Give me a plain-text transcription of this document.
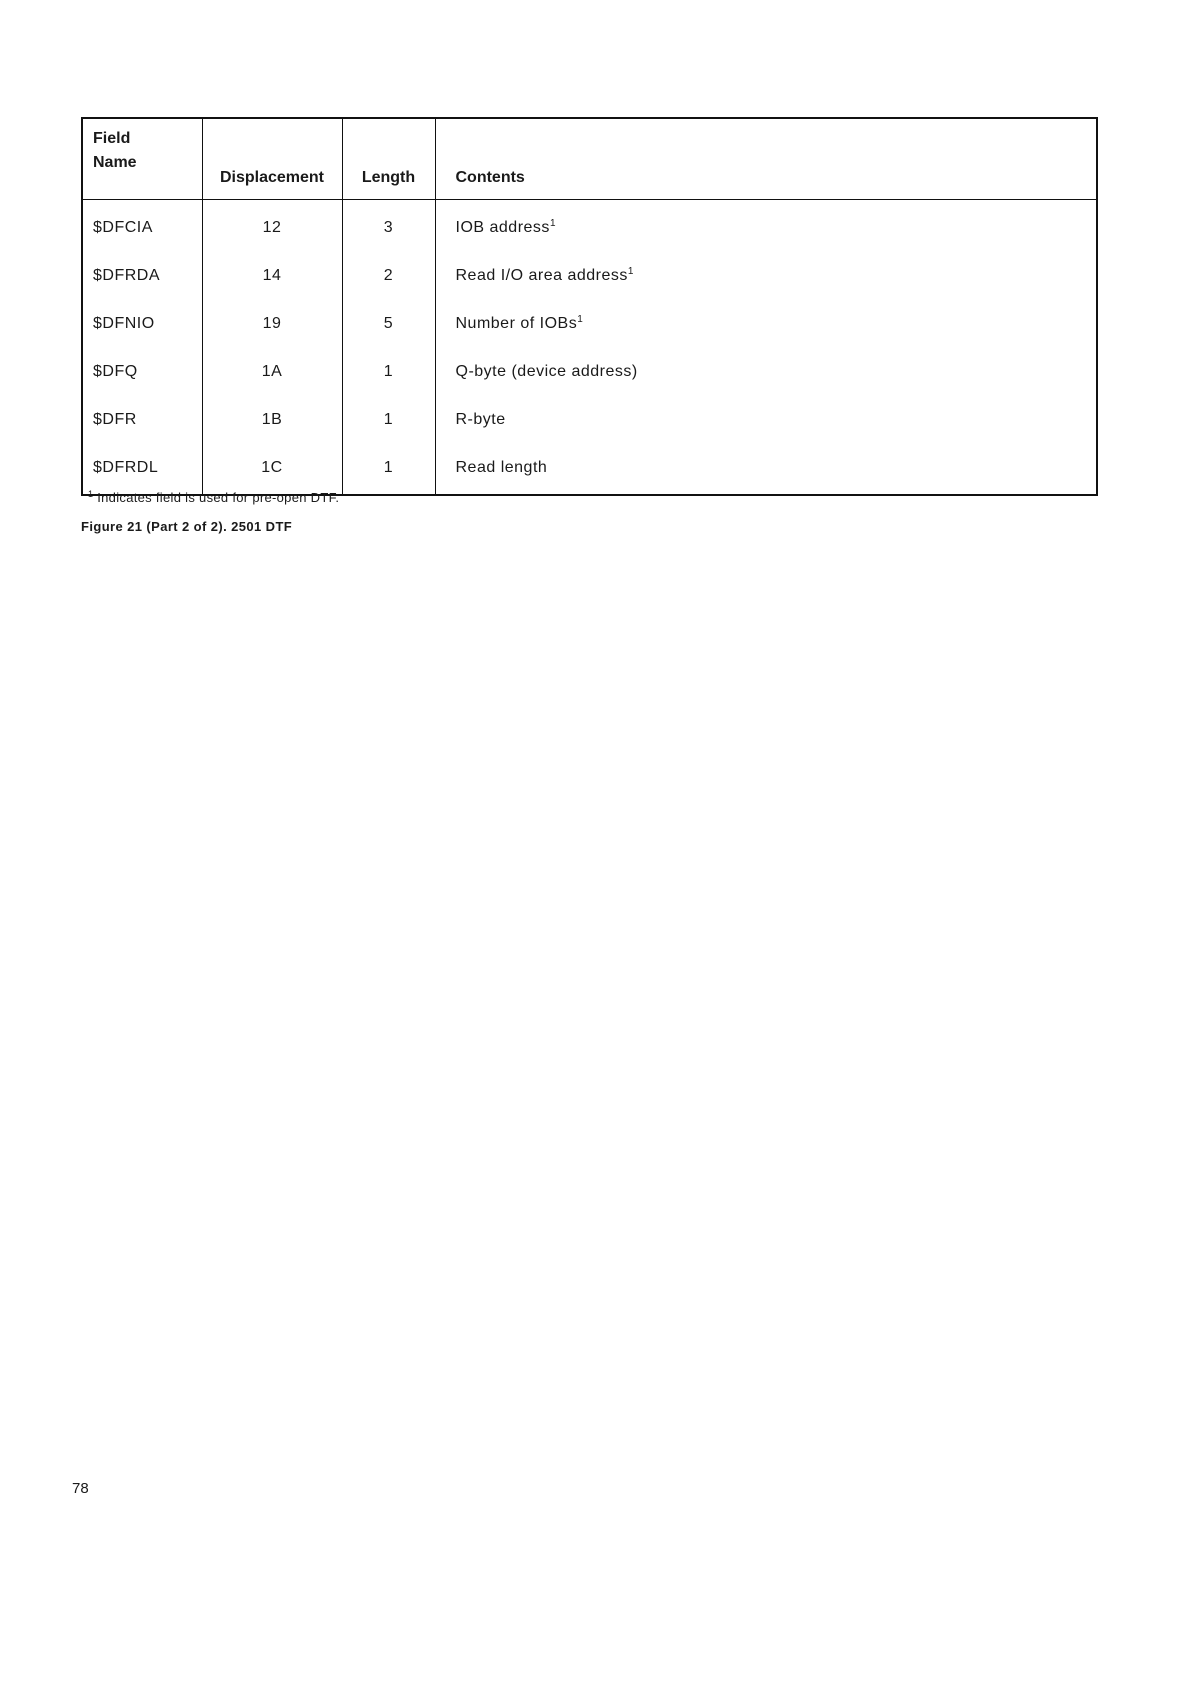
Field
Name	Displacement	Length	Contents
$DFCIA	12	3	IOB address$^1$
$DFRDA	14	2	Read I/O area address$^1$
$DFNIO	19	5	Number of IOBs$^1$
$DFQ	1A	1	Q-byte (device address)
$DFR	1B	1	R-byte
$DFRDL	1C	1	Read length
$^1$ Indicates field is used for pre-open DTF.
Figure 21 (Part 2 of 2). 2501 DTF
78
